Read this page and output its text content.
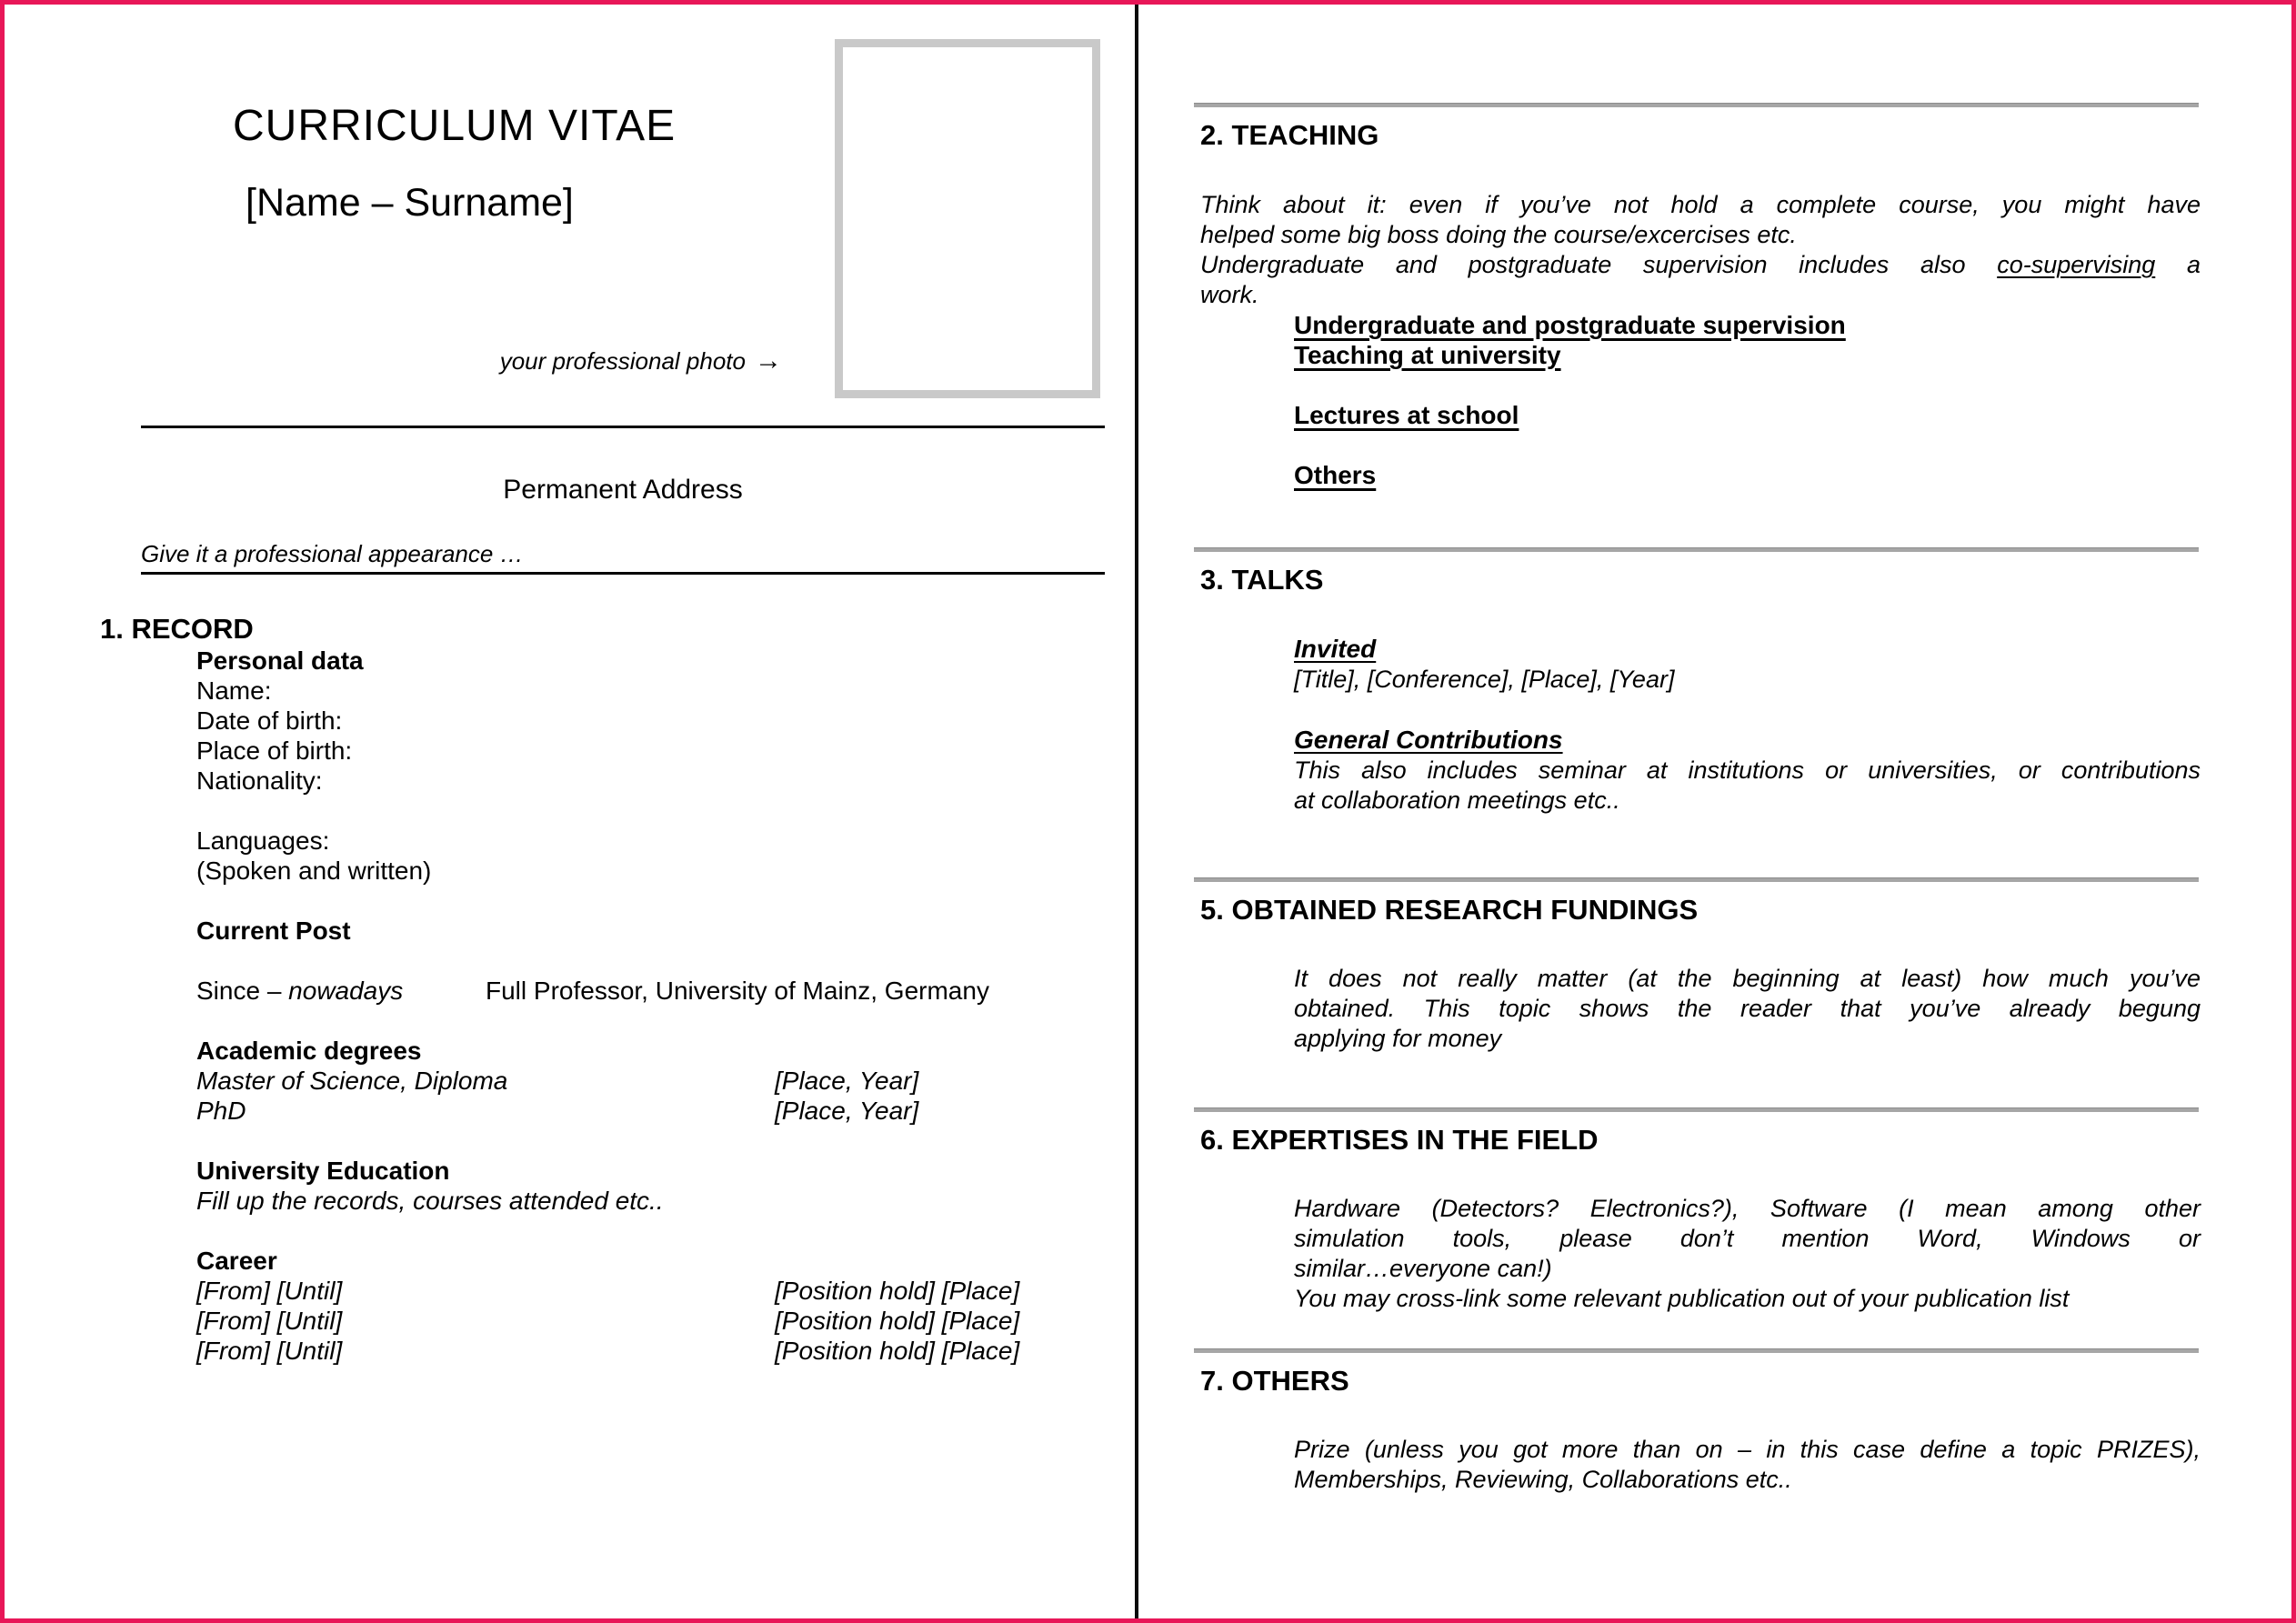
CURRICULUM VITAE
[Name – Surname]
your professional photo →
Permanent Address
Give it a professional appearance …
1. RECORD
Personal data
Name:
Date of birth:
Place of birth:
Nationality:
Languages:
(Spoken and written)
Current Post
Since – nowadays	Full Professor, University of Mainz, Germany
Academic degrees
Master of Science, Diploma	[Place, Year]
PhD	[Place, Year]
University Education
Fill up the records, courses attended etc..
Career
[From] [Until]	[Position hold] [Place]
[From] [Until]	[Position hold] [Place]
[From] [Until]	[Position hold] [Place]
2. TEACHING
Think about it: even if you’ve not hold a complete course, you might have
helped some big boss doing the course/excercises etc.
Undergraduate and postgraduate supervision includes also co-supervising a
work.
Undergraduate and postgraduate supervision
Teaching at university
Lectures at school
Others
3. TALKS
Invited
[Title], [Conference], [Place], [Year]
General Contributions
This also includes seminar at institutions or universities, or contributions
at collaboration meetings etc..
5. OBTAINED RESEARCH FUNDINGS
It does not really matter (at the beginning at least) how much you’ve
obtained. This topic shows the reader that you’ve already begung
applying for money
6. EXPERTISES IN THE FIELD
Hardware (Detectors? Electronics?), Software (I mean among other
simulation tools, please don’t mention Word, Windows or
similar…everyone can!)
You may cross-link some relevant publication out of your publication list
7. OTHERS
Prize (unless you got more than on – in this case define a topic PRIZES),
Memberships, Reviewing, Collaborations etc..
